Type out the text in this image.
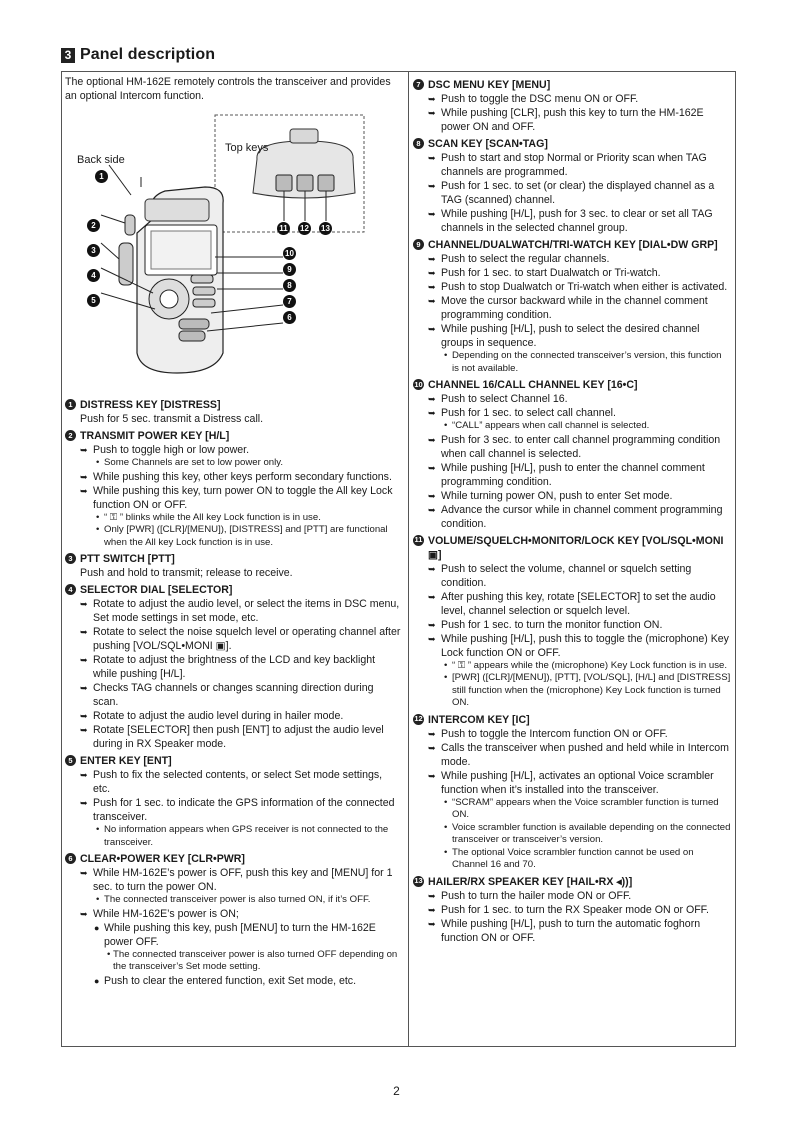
3 Panel description
The optional HM-162E remotely controls the transceiver and provides an optional Intercom function.
Back side
Top keys
1
2
3
4
5
6
7
8
9
10
11 12 13
1 DISTRESS KEY [DISTRESS]
Push for 5 sec. transmit a Distress call.
2 TRANSMIT POWER KEY [H/L]
➥ Push to toggle high or low power.
• Some Channels are set to low power only.
➥ While pushing this key, other keys perform secondary functions.
➥ While pushing this key, turn power ON to toggle the All key Lock function ON or OFF.
• “ ⚿ ” blinks while the All key Lock function is in use.
• Only [PWR] ([CLR]/[MENU]), [DISTRESS] and [PTT] are functional when the All key Lock function is in use.
3 PTT SWITCH [PTT]
Push and hold to transmit; release to receive.
4 SELECTOR DIAL [SELECTOR]
➥ Rotate to adjust the audio level, or select the items in DSC menu, Set mode settings in set mode, etc.
➥ Rotate to select the noise squelch level or operating channel after pushing [VOL/SQL•MONI ▣].
➥ Rotate to adjust the brightness of the LCD and key backlight while pushing [H/L].
➥ Checks TAG channels or changes scanning direction during scan.
➥ Rotate to adjust the audio level during in hailer mode.
➥ Rotate [SELECTOR] then push [ENT] to adjust the audio level during in RX Speaker mode.
5 ENTER KEY [ENT]
➥ Push to fix the selected contents, or select Set mode settings, etc.
➥ Push for 1 sec. to indicate the GPS information of the connected transceiver.
• No information appears when GPS receiver is not connected to the transceiver.
6 CLEAR•POWER KEY [CLR•PWR]
➥ While HM-162E’s power is OFF, push this key and [MENU] for 1 sec. to turn the power ON.
• The connected transceiver power is also turned ON, if it’s OFF.
➥ While HM-162E’s power is ON;
● While pushing this key, push [MENU] to turn the HM-162E power OFF.
• The connected transceiver power is also turned OFF depending on the transceiver’s Set mode setting.
● Push to clear the entered function, exit Set mode, etc.
7 DSC MENU KEY [MENU]
➥ Push to toggle the DSC menu ON or OFF.
➥ While pushing [CLR], push this key to turn the HM-162E power ON and OFF.
8 SCAN KEY [SCAN•TAG]
➥ Push to start and stop Normal or Priority scan when TAG channels are programmed.
➥ Push for 1 sec. to set (or clear) the displayed channel as a TAG (scanned) channel.
➥ While pushing [H/L], push for 3 sec. to clear or set all TAG channels in the selected channel group.
9 CHANNEL/DUALWATCH/TRI-WATCH KEY [DIAL•DW GRP]
➥ Push to select the regular channels.
➥ Push for 1 sec. to start Dualwatch or Tri-watch.
➥ Push to stop Dualwatch or Tri-watch when either is activated.
➥ Move the cursor backward while in the channel comment programming condition.
➥ While pushing [H/L], push to select the desired channel groups in sequence.
• Depending on the connected transceiver’s version, this function is not available.
10 CHANNEL 16/CALL CHANNEL KEY [16•C]
➥ Push to select Channel 16.
➥ Push for 1 sec. to select call channel.
• “CALL” appears when call channel is selected.
➥ Push for 3 sec. to enter call channel programming condition when call channel is selected.
➥ While pushing [H/L], push to enter the channel comment programming condition.
➥ While turning power ON, push to enter Set mode.
➥ Advance the cursor while in channel comment programming condition.
11 VOLUME/SQUELCH•MONITOR/LOCK KEY [VOL/SQL•MONI ▣]
➥ Push to select the volume, channel or squelch setting condition.
➥ After pushing this key, rotate [SELECTOR] to set the audio level, channel selection or squelch level.
➥ Push for 1 sec. to turn the monitor function ON.
➥ While pushing [H/L], push this to toggle the (microphone) Key Lock function ON or OFF.
• “ ⚿ ” appears while the (microphone) Key Lock function is in use.
• [PWR] ([CLR]/[MENU]), [PTT], [VOL/SQL], [H/L] and [DISTRESS] still function when the (microphone) Key Lock function is turned ON.
12 INTERCOM KEY [IC]
➥ Push to toggle the Intercom function ON or OFF.
➥ Calls the transceiver when pushed and held while in Intercom mode.
➥ While pushing [H/L], activates an optional Voice scrambler function when it’s installed into the transceiver.
• “SCRAM” appears when the Voice scrambler function is turned ON.
• Voice scrambler function is available depending on the connected transceiver or transceiver’s version.
• The optional Voice scrambler function cannot be used on Channel 16 and 70.
13 HAILER/RX SPEAKER KEY [HAIL•RX ◂))]
➥ Push to turn the hailer mode ON or OFF.
➥ Push for 1 sec. to turn the RX Speaker mode ON or OFF.
➥ While pushing [H/L], push to turn the automatic foghorn function ON or OFF.
2
